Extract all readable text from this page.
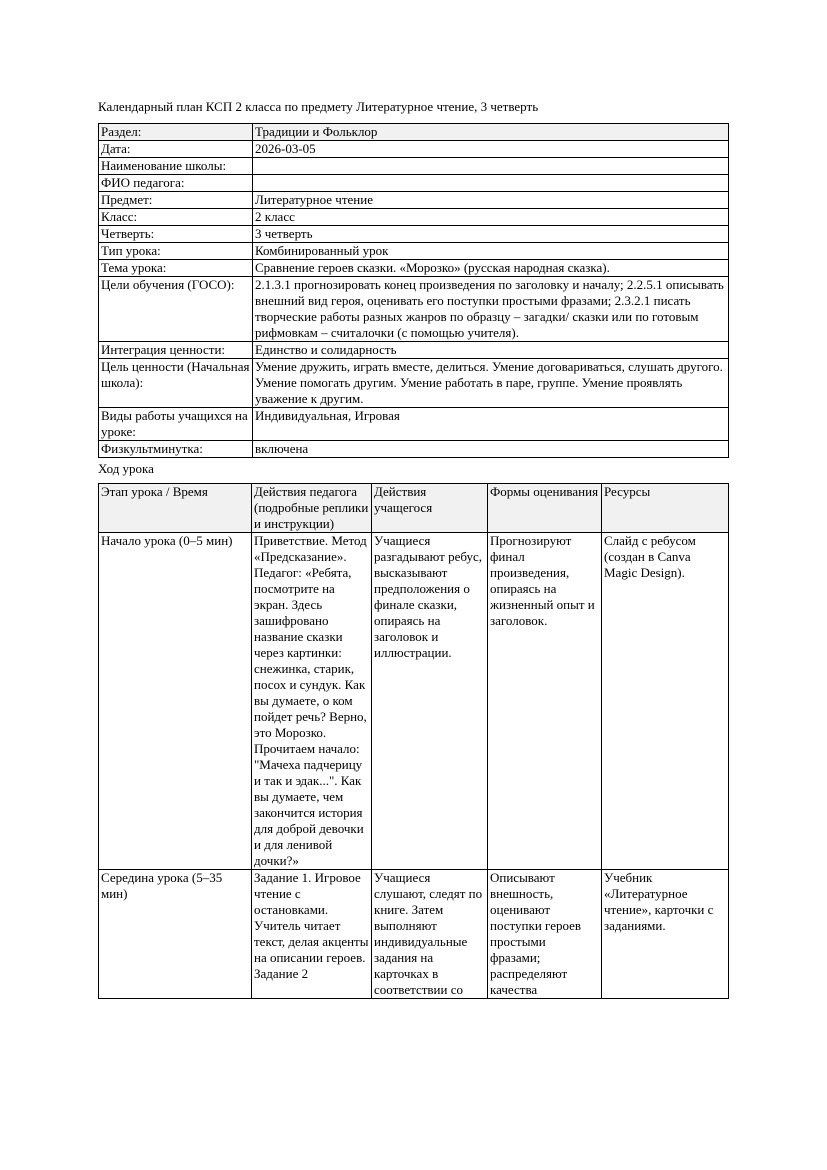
Календарный план КСП 2 класса по предмету Литературное чтение, 3 четверть
Раздел:	Традиции и Фольклор
Дата:	2026-03-05
Наименование школы:	
ФИО педагога:	
Предмет:	Литературное чтение
Класс:	2 класс
Четверть:	3 четверть
Тип урока:	Комбинированный урок
Тема урока:	Сравнение героев сказки. «Морозко» (русская народная сказка).
Цели обучения (ГОСО):	2.1.3.1 прогнозировать конец произведения по заголовку и началу; 2.2.5.1 описывать внешний вид героя, оценивать его поступки простыми фразами; 2.3.2.1 писать творческие работы разных жанров по образцу – загадки/ сказки или по готовым рифмовкам – считалочки (с помощью учителя).
Интеграция ценности:	Единство и солидарность
Цель ценности (Начальная школа):	Умение дружить, играть вместе, делиться. Умение договариваться, слушать другого. Умение помогать другим. Умение работать в паре, группе. Умение проявлять уважение к другим.
Виды работы учащихся на уроке:	Индивидуальная, Игровая
Физкультминутка:	включена
Ход урока
Этап урока / Время	Действия педагога (подробные реплики и инструкции)	Действия учащегося	Формы оценивания	Ресурсы
Начало урока (0–5 мин)	Приветствие. Метод «Предсказание». Педагог: «Ребята, посмотрите на экран. Здесь зашифровано название сказки через картинки: снежинка, старик, посох и сундук. Как вы думаете, о ком пойдет речь? Верно, это Морозко. Прочитаем начало: "Мачеха падчерицу и так и эдак...". Как вы думаете, чем закончится история для доброй девочки и для ленивой дочки?»	Учащиеся разгадывают ребус, высказывают предположения о финале сказки, опираясь на заголовок и иллюстрации.	Прогнозируют финал произведения, опираясь на жизненный опыт и заголовок.	Слайд с ребусом (создан в Canva Magic Design).

Середина урока (5–35 мин)	Задание 1. Игровое чтение с остановками. Учитель читает текст, делая акценты на описании героев. Задание 2	Учащиеся слушают, следят по книге. Затем выполняют индивидуальные задания на карточках в соответствии со	Описывают внешность, оценивают поступки героев простыми фразами; распределяют качества	Учебник «Литературное чтение», карточки с заданиями.
